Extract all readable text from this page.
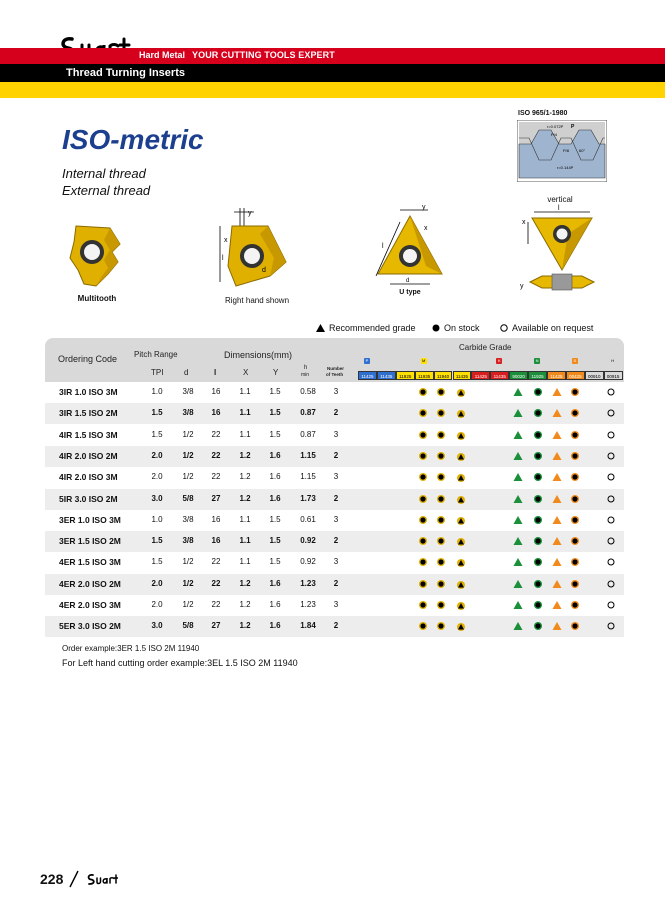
Hard Metal YOUR CUTTING TOOLS EXPERT
Thread Turning Inserts
ISO-metric
Internal thread
External thread
ISO 965/1-1980
r=0.072P P
P/4
P/8 60°
r=0.144P
Multitooth
y
x
l
d
Right hand shown
y
x
l
d
U type
vertical
l
x
y
Recommended grade	On stock	Available on request
Ordering Code Pitch Range	Dimensions(mm)
Carbide Grade
TPI	d	l	X	Y	h
min
Number
of Teeth
P	M	K	N	S	H
11425	11435	11925	11935	11940	11435	11425	11435	90020	11925	11425	00425	00910	00915
3IR 1.0 ISO 3M	1.0	3/8	16	1.1	1.5	0.58	3
3IR 1.5 ISO 2M	1.5	3/8	16	1.1	1.5	0.87	2
4IR 1.5 ISO 3M	1.5	1/2	22	1.1	1.5	0.87	3
4IR 2.0 ISO 2M	2.0	1/2	22	1.2	1.6	1.15	2
4IR 2.0 ISO 3M	2.0	1/2	22	1.2	1.6	1.15	3
5IR 3.0 ISO 2M	3.0	5/8	27	1.2	1.6	1.73	2
3ER 1.0 ISO 3M	1.0	3/8	16	1.1	1.5	0.61	3
3ER 1.5 ISO 2M	1.5	3/8	16	1.1	1.5	0.92	2
4ER 1.5 ISO 3M	1.5	1/2	22	1.1	1.5	0.92	3
4ER 2.0 ISO 2M	2.0	1/2	22	1.2	1.6	1.23	2
4ER 2.0 ISO 3M	2.0	1/2	22	1.2	1.6	1.23	3
5ER 3.0 ISO 2M	3.0	5/8	27	1.2	1.6	1.84	2
Order example:3ER 1.5 ISO 2M 11940
For Left hand cutting order example:3EL 1.5 ISO 2M 11940
228
